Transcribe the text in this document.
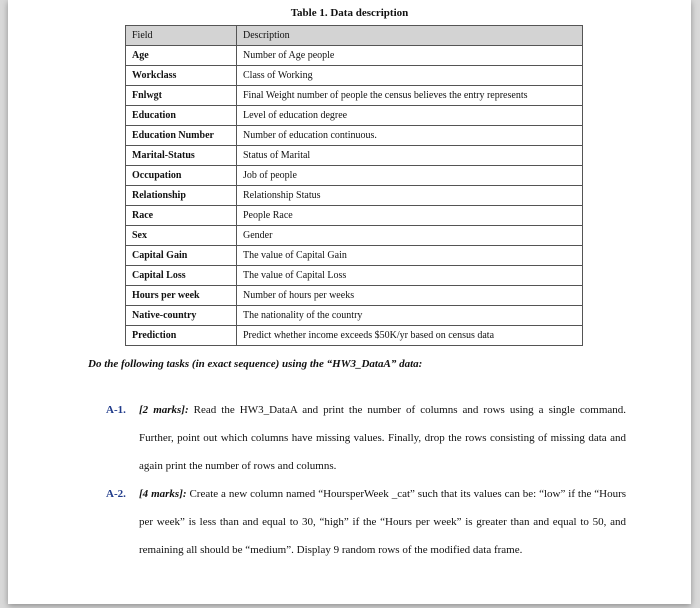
Table 1. Data description
Field	Description
Age	Number of Age people
Workclass	Class of Working
Fnlwgt	Final Weight number of people the census believes the entry represents
Education	Level of education degree
Education Number	Number of education continuous.
Marital-Status	Status of Marital
Occupation	Job of people
Relationship	Relationship Status
Race	People Race
Sex	Gender
Capital Gain	The value of Capital Gain
Capital Loss	The value of Capital Loss
Hours per week	Number of hours per weeks
Native-country	The nationality of the country
Prediction	Predict whether income exceeds $50K/yr based on census data
Do the following tasks (in exact sequence) using the “HW3_DataA” data:
A-1. [2 marks]: Read the HW3_DataA and print the number of columns and rows using a single command. Further, point out which columns have missing values. Finally, drop the rows consisting of missing data and again print the number of rows and columns.
A-2. [4 marks]: Create a new column named “HoursperWeek _cat” such that its values can be: “low” if the “Hours per week” is less than and equal to 30, “high” if the “Hours per week” is greater than and equal to 50, and remaining all should be “medium”. Display 9 random rows of the modified data frame.
